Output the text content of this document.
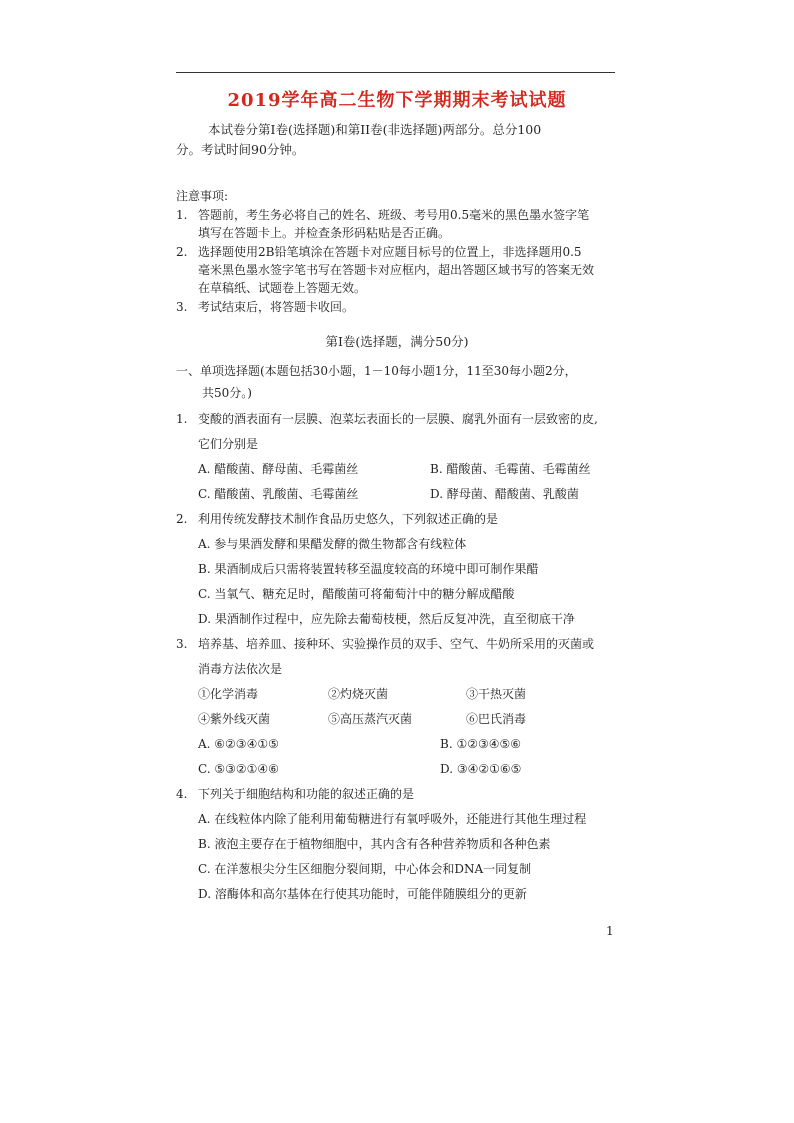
2019学年高二生物下学期期末考试试题
本试卷分第Ⅰ卷(选择题)和第II卷(非选择题)两部分。总分100
分。考试时间90分钟。
注意事项:
1. 答题前，考生务必将自己的姓名、班级、考号用0.5毫米的黑色墨水签字笔
填写在答题卡上。并检查条形码粘贴是否正确。
2. 选择题使用2B铅笔填涂在答题卡对应题目标号的位置上，非选择题用0.5
毫米黑色墨水签字笔书写在答题卡对应框内，超出答题区域书写的答案无效
在草稿纸、试题卷上答题无效。
3. 考试结束后，将答题卡收回。
第Ⅰ卷(选择题，满分50分)
一、单项选择题(本题包括30小题，1－10每小题1分，11至30每小题2分，
共50分。)
1. 变酸的酒表面有一层膜、泡菜坛表面长的一层膜、腐乳外面有一层致密的皮,
它们分别是
A. 醋酸菌、酵母菌、毛霉菌丝	B. 醋酸菌、毛霉菌、毛霉菌丝
C. 醋酸菌、乳酸菌、毛霉菌丝	D. 酵母菌、醋酸菌、乳酸菌
2. 利用传统发酵技术制作食品历史悠久，下列叙述正确的是
A. 参与果酒发酵和果醋发酵的微生物都含有线粒体
B. 果酒制成后只需将装置转移至温度较高的环境中即可制作果醋
C. 当氧气、糖充足时，醋酸菌可将葡萄汁中的糖分解成醋酸
D. 果酒制作过程中，应先除去葡萄枝梗，然后反复冲洗，直至彻底干净
3. 培养基、培养皿、接种环、实验操作员的双手、空气、牛奶所采用的灭菌或
消毒方法依次是
①化学消毒	②灼烧灭菌	③干热灭菌
④紫外线灭菌	⑤高压蒸汽灭菌	⑥巴氏消毒
A. ⑥②③④①⑤	B. ①②③④⑤⑥
C. ⑤③②①④⑥	D. ③④②①⑥⑤
4. 下列关于细胞结构和功能的叙述正确的是
A. 在线粒体内除了能利用葡萄糖进行有氧呼吸外，还能进行其他生理过程
B. 液泡主要存在于植物细胞中，其内含有各种营养物质和各种色素
C. 在洋葱根尖分生区细胞分裂间期，中心体会和DNA一同复制
D. 溶酶体和高尔基体在行使其功能时，可能伴随膜组分的更新
1
